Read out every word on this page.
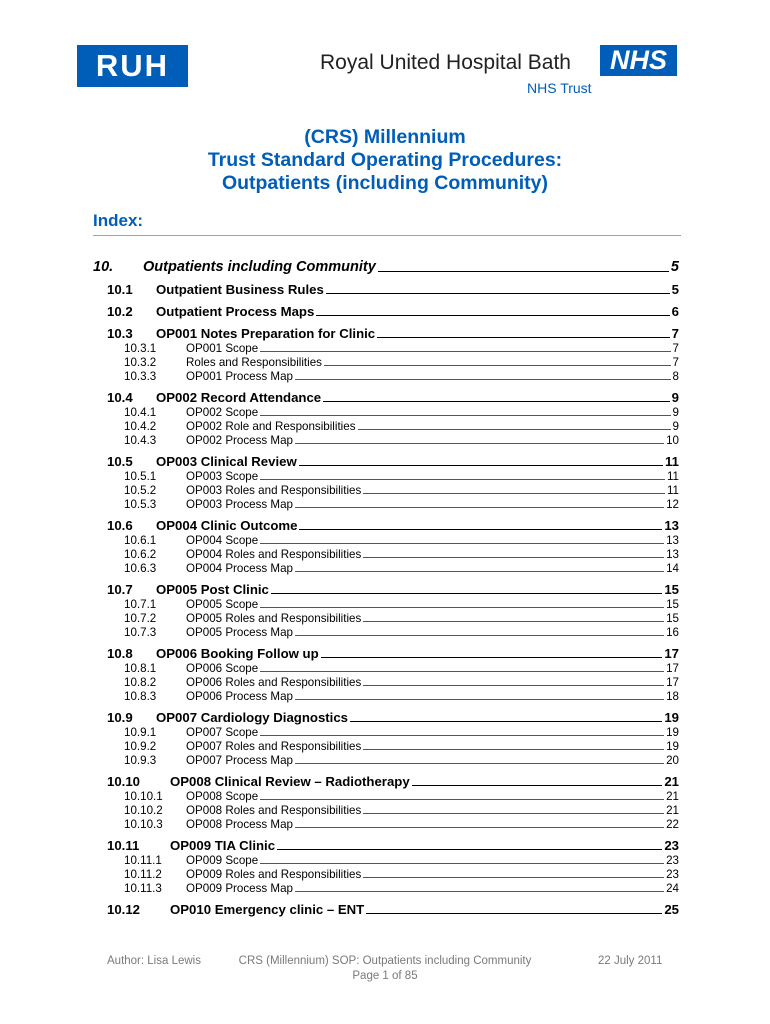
RUH	Royal United Hospital Bath	NHS
NHS Trust
(CRS) Millennium
Trust Standard Operating Procedures:
Outpatients (including Community)
Index:
10.	Outpatients including Community	5
10.1	Outpatient Business Rules	5
10.2	Outpatient Process Maps	6
10.3	OP001 Notes Preparation for Clinic	7
10.3.1	OP001 Scope	7
10.3.2	Roles and Responsibilities	7
10.3.3	OP001 Process Map	8
10.4	OP002 Record Attendance	9
10.4.1	OP002 Scope	9
10.4.2	OP002 Role and Responsibilities	9
10.4.3	OP002 Process Map	10
10.5	OP003 Clinical Review	11
10.5.1	OP003 Scope	11
10.5.2	OP003 Roles and Responsibilities	11
10.5.3	OP003 Process Map	12
10.6	OP004 Clinic Outcome	13
10.6.1	OP004 Scope	13
10.6.2	OP004 Roles and Responsibilities	13
10.6.3	OP004 Process Map	14
10.7	OP005 Post Clinic	15
10.7.1	OP005 Scope	15
10.7.2	OP005 Roles and Responsibilities	15
10.7.3	OP005 Process Map	16
10.8	OP006 Booking Follow up	17
10.8.1	OP006 Scope	17
10.8.2	OP006 Roles and Responsibilities	17
10.8.3	OP006 Process Map	18
10.9	OP007 Cardiology Diagnostics	19
10.9.1	OP007 Scope	19
10.9.2	OP007 Roles and Responsibilities	19
10.9.3	OP007 Process Map	20
10.10	OP008 Clinical Review – Radiotherapy	21
10.10.1	OP008 Scope	21
10.10.2	OP008 Roles and Responsibilities	21
10.10.3	OP008 Process Map	22
10.11	OP009 TIA Clinic	23
10.11.1	OP009 Scope	23
10.11.2	OP009 Roles and Responsibilities	23
10.11.3	OP009 Process Map	24
10.12	OP010 Emergency clinic – ENT	25
Author: Lisa Lewis	CRS (Millennium) SOP: Outpatients including Community	22 July 2011
Page 1 of 85
